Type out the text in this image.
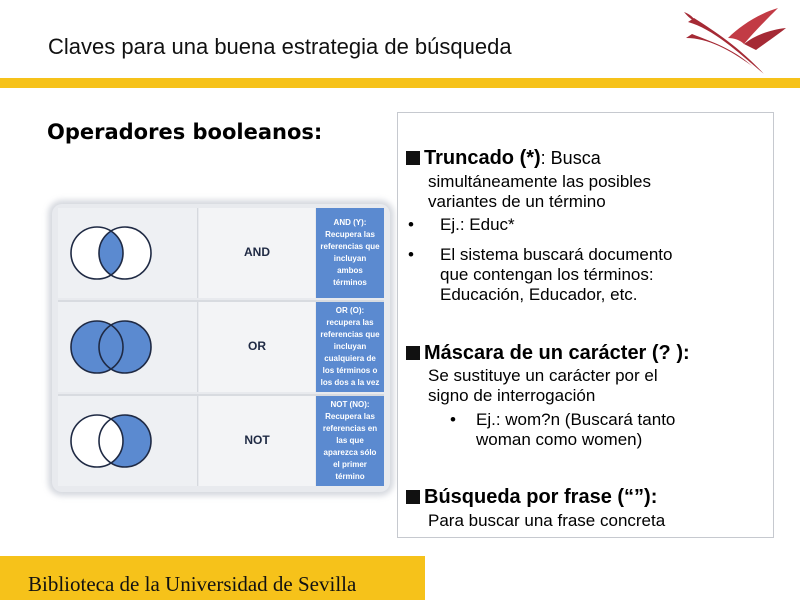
Claves para una buena estrategia de búsqueda
Operadores booleanos:
AND
AND (Y): Recupera las referencias que incluyan ambos términos
OR
OR (O): recupera las referencias que incluyan cualquiera de los términos o los dos a la vez
NOT
NOT (NO): Recupera las referencias en las que aparezca sólo el primer término
Truncado (*): Busca
simultáneamente las posibles
variantes de un término
• Ej.: Educ*
• El sistema buscará documento
que contengan los términos:
Educación, Educador, etc.
Máscara de un carácter (? ):
Se sustituye un carácter por el
signo de interrogación
• Ej.: wom?n (Buscará tanto
woman como women)
Búsqueda por frase (“”):
Para buscar una frase concreta
Biblioteca de la Universidad de Sevilla
